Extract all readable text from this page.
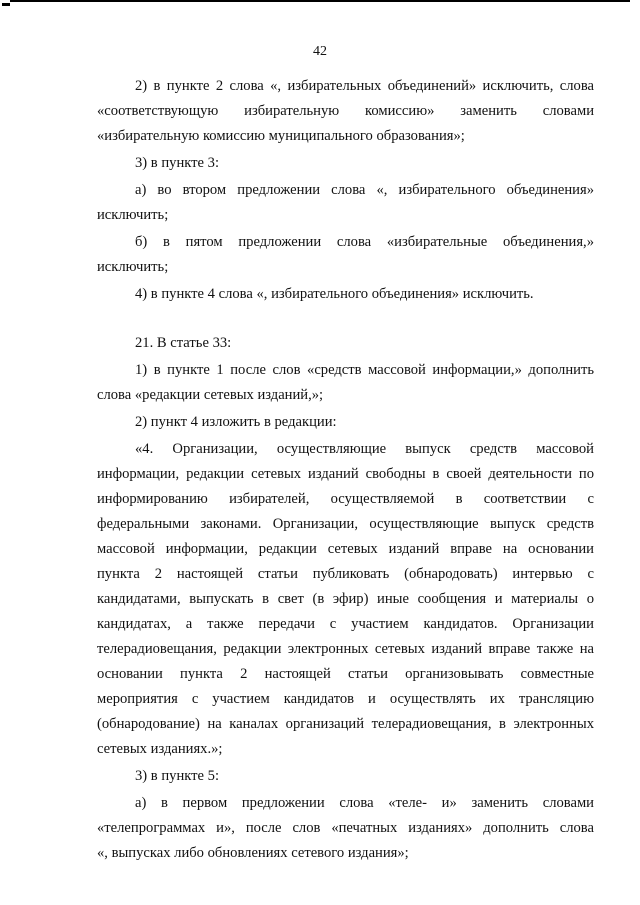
42
2) в пункте 2 слова «, избирательных объединений» исключить, слова
«соответствующую избирательную комиссию» заменить словами
«избирательную комиссию муниципального образования»;
3) в пункте 3:
а) во втором предложении слова «, избирательного объединения»
исключить;
б) в пятом предложении слова «избирательные объединения,»
исключить;
4) в пункте 4 слова «, избирательного объединения» исключить.
21. В статье 33:
1) в пункте 1 после слов «средств массовой информации,» дополнить
слова «редакции сетевых изданий,»;
2) пункт 4 изложить в редакции:
«4. Организации, осуществляющие выпуск средств массовой
информации, редакции сетевых изданий свободны в своей деятельности по
информированию избирателей, осуществляемой в соответствии с
федеральными законами. Организации, осуществляющие выпуск средств
массовой информации, редакции сетевых изданий вправе на основании
пункта 2 настоящей статьи публиковать (обнародовать) интервью с
кандидатами, выпускать в свет (в эфир) иные сообщения и материалы о
кандидатах, а также передачи с участием кандидатов. Организации
телерадиовещания, редакции электронных сетевых изданий вправе также на
основании пункта 2 настоящей статьи организовывать совместные
мероприятия с участием кандидатов и осуществлять их трансляцию
(обнародование) на каналах организаций телерадиовещания, в электронных
сетевых изданиях.»;
3) в пункте 5:
а) в первом предложении слова «теле- и» заменить словами
«телепрограммах и», после слов «печатных изданиях» дополнить слова
«, выпусках либо обновлениях сетевого издания»;
